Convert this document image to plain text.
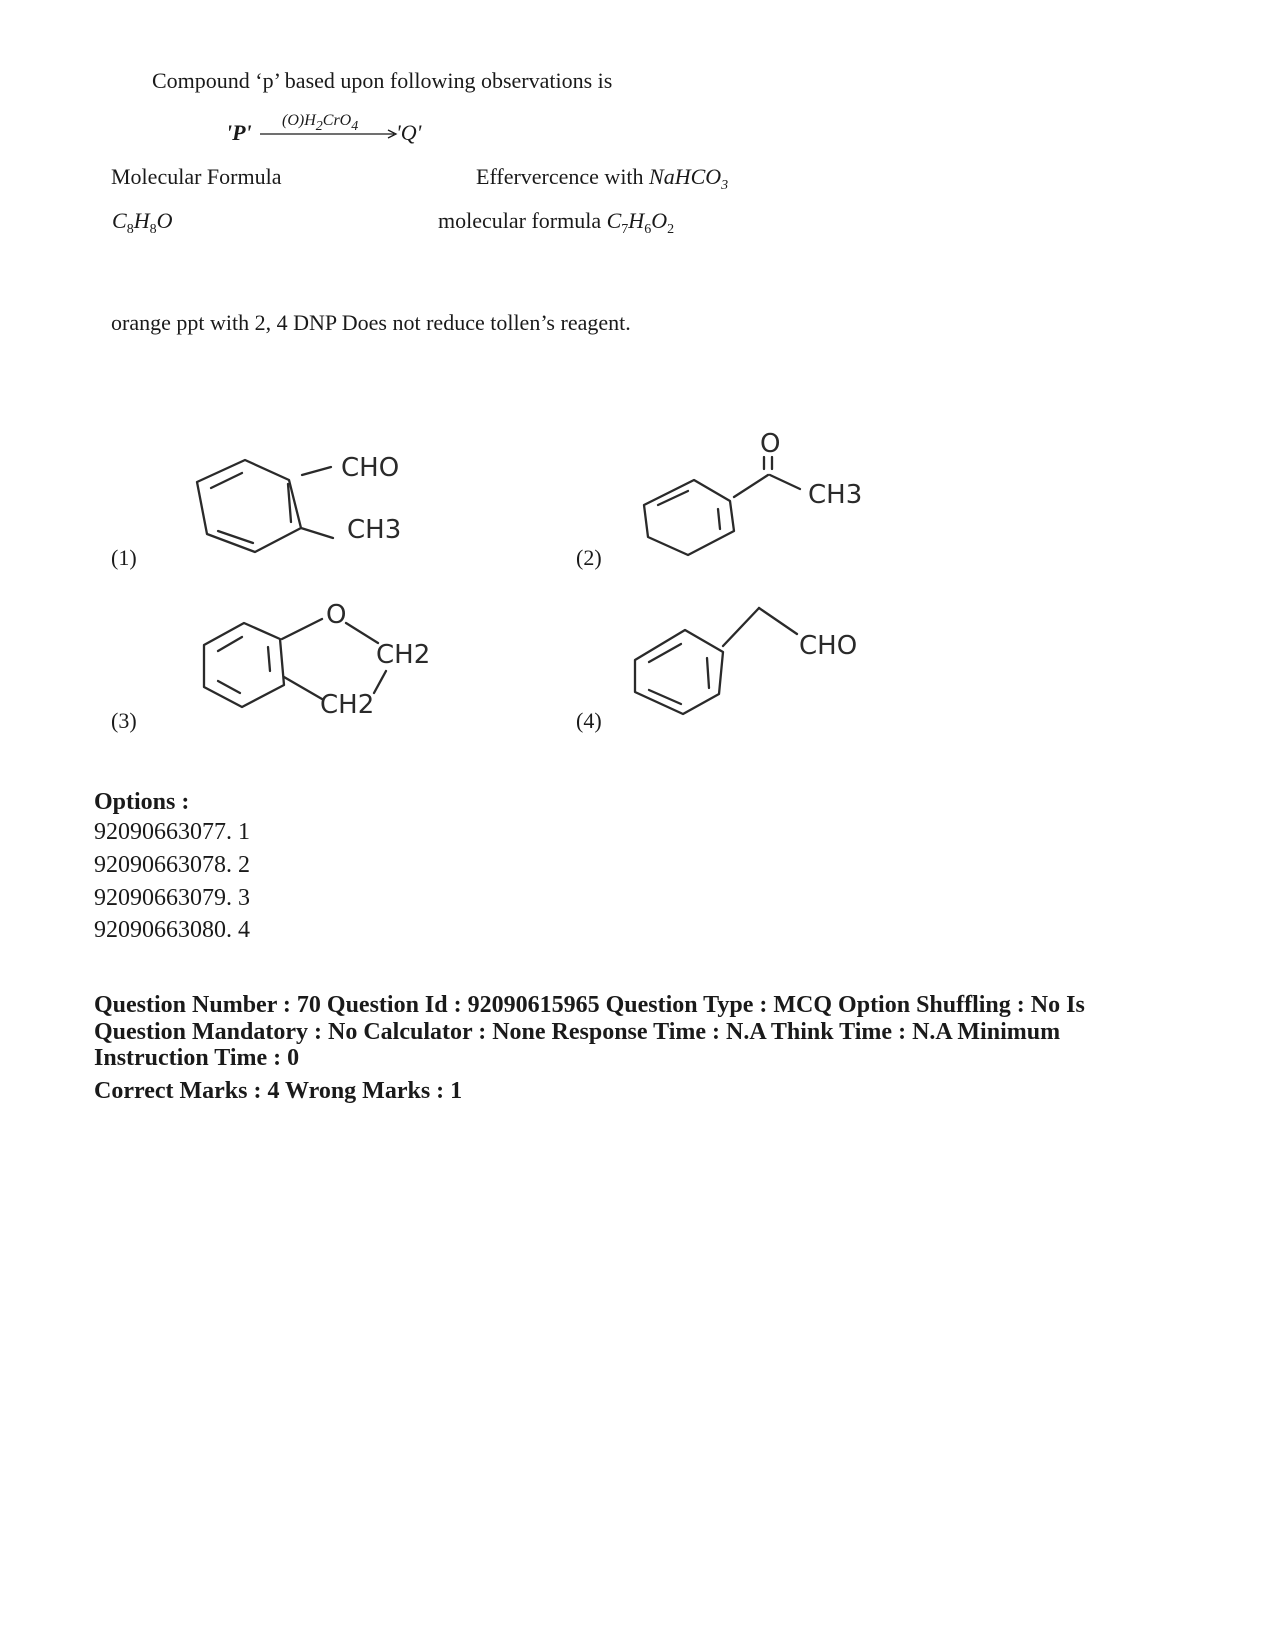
Compound ‘p’ based upon following observations is
'P' (O)H2CrO4 'Q'
Molecular Formula	Effervercence with NaHCO$_3$
$C_8H_8O$	molecular formula $C_7H_6O_2$
orange ppt with 2, 4 DNP Does not reduce tollen’s reagent.
(1)
CHO
CH3
(2)
O
CH3
(3)
O
CH2
CH2
(4)
CHO
Options :
92090663077. 1
92090663078. 2
92090663079. 3
92090663080. 4
Question Number : 70 Question Id : 92090615965 Question Type : MCQ Option Shuffling : No Is
Question Mandatory : No Calculator : None Response Time : N.A Think Time : N.A Minimum
Instruction Time : 0
Correct Marks : 4 Wrong Marks : 1
